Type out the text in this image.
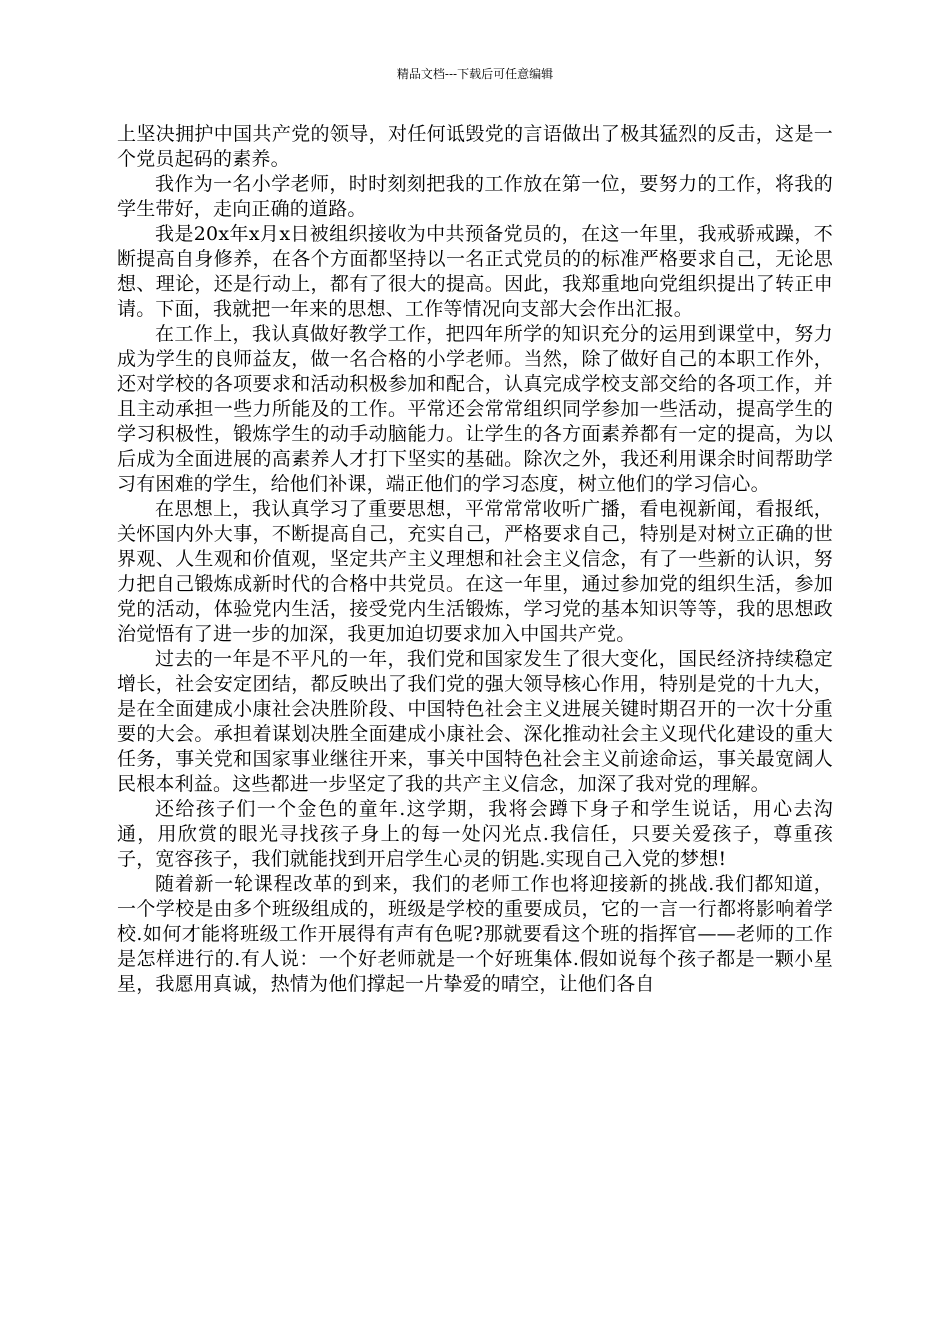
精品文档---下载后可任意编辑

上坚决拥护中国共产党的领导，对任何诋毁党的言语做出了极其猛烈的反击，这是一个党员起码的素养。

我作为一名小学老师，时时刻刻把我的工作放在第一位，要努力的工作，将我的学生带好，走向正确的道路。

我是20x年x月x日被组织接收为中共预备党员的，在这一年里，我戒骄戒躁，不断提高自身修养，在各个方面都坚持以一名正式党员的的标准严格要求自己，无论思想、理论，还是行动上，都有了很大的提高。因此，我郑重地向党组织提出了转正申请。下面，我就把一年来的思想、工作等情况向支部大会作出汇报。

在工作上，我认真做好教学工作，把四年所学的知识充分的运用到课堂中，努力成为学生的良师益友，做一名合格的小学老师。当然，除了做好自己的本职工作外，还对学校的各项要求和活动积极参加和配合，认真完成学校支部交给的各项工作，并且主动承担一些力所能及的工作。平常还会常常组织同学参加一些活动，提高学生的学习积极性，锻炼学生的动手动脑能力。让学生的各方面素养都有一定的提高，为以后成为全面进展的高素养人才打下坚实的基础。除次之外，我还利用课余时间帮助学习有困难的学生，给他们补课，端正他们的学习态度，树立他们的学习信心。

在思想上，我认真学习了重要思想，平常常常收听广播，看电视新闻，看报纸，关怀国内外大事，不断提高自己，充实自己，严格要求自己，特别是对树立正确的世界观、人生观和价值观，坚定共产主义理想和社会主义信念，有了一些新的认识，努力把自己锻炼成新时代的合格中共党员。在这一年里，通过参加党的组织生活，参加党的活动，体验党内生活，接受党内生活锻炼，学习党的基本知识等等，我的思想政治觉悟有了进一步的加深，我更加迫切要求加入中国共产党。

过去的一年是不平凡的一年，我们党和国家发生了很大变化，国民经济持续稳定增长，社会安定团结，都反映出了我们党的强大领导核心作用，特别是党的十九大，是在全面建成小康社会决胜阶段、中国特色社会主义进展关键时期召开的一次十分重要的大会。承担着谋划决胜全面建成小康社会、深化推动社会主义现代化建设的重大任务，事关党和国家事业继往开来，事关中国特色社会主义前途命运，事关最宽阔人民根本利益。这些都进一步坚定了我的共产主义信念，加深了我对党的理解。

还给孩子们一个金色的童年.这学期，我将会蹲下身子和学生说话，用心去沟通，用欣赏的眼光寻找孩子身上的每一处闪光点.我信任，只要关爱孩子，尊重孩子，宽容孩子，我们就能找到开启学生心灵的钥匙.实现自己入党的梦想!

随着新一轮课程改革的到来，我们的老师工作也将迎接新的挑战.我们都知道，一个学校是由多个班级组成的，班级是学校的重要成员，它的一言一行都将影响着学校.如何才能将班级工作开展得有声有色呢?那就要看这个班的指挥官——老师的工作是怎样进行的.有人说：一个好老师就是一个好班集体.假如说每个孩子都是一颗小星星，我愿用真诚，热情为他们撑起一片挚爱的晴空，让他们各自
